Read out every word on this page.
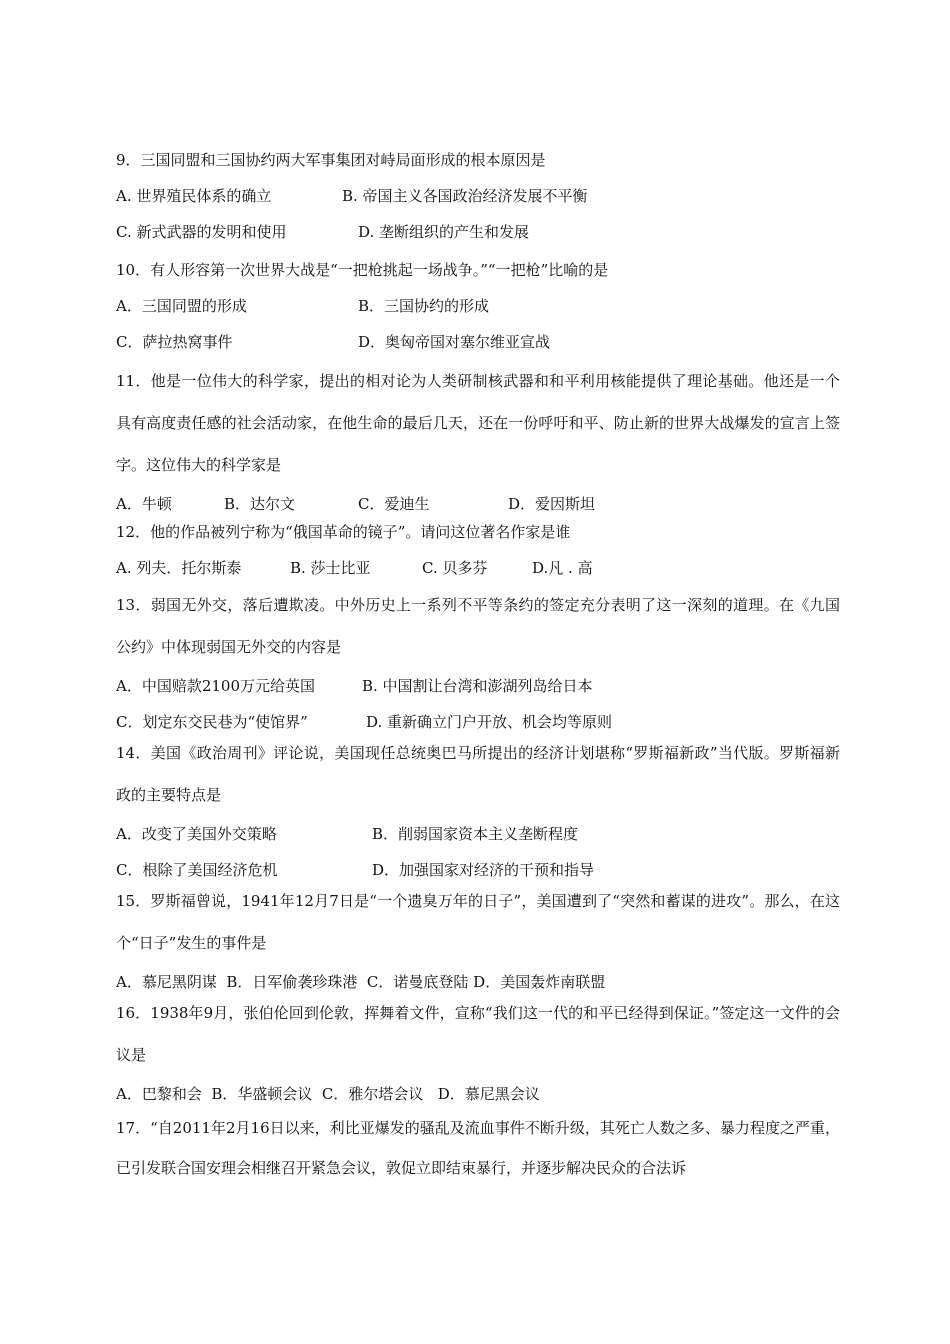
9．三国同盟和三国协约两大军事集团对峙局面形成的根本原因是

A. 世界殖民体系的确立

	B. 帝国主义各国政治经济发展不平衡

C. 新式武器的发明和使用

	D. 垄断组织的产生和发展

10．有人形容第一次世界大战是“一把枪挑起一场战争。”“一把枪”比喻的是

A．三国同盟的形成

	B．三国协约的形成

C．萨拉热窝事件

	D．奥匈帝国对塞尔维亚宣战

11．他是一位伟大的科学家，提出的相对论为人类研制核武器和和平利用核能提供了理论基础。他还是一个具有高度责任感的社会活动家，在他生命的最后几天，还在一份呼吁和平、防止新的世界大战爆发的宣言上签字。这位伟大的科学家是

A．牛顿

	B．达尔文

	C．爱迪生

	D．爱因斯坦

12．他的作品被列宁称为“俄国革命的镜子”。请问这位著名作家是谁

A. 列夫．托尔斯泰

	B. 莎士比亚

	C. 贝多芬

	D.凡 . 高

13．弱国无外交，落后遭欺凌。中外历史上一系列不平等条约的签定充分表明了这一深刻的道理。在《九国公约》中体现弱国无外交的内容是

A．中国赔款2100万元给英国

	B. 中国割让台湾和澎湖列岛给日本

C．划定东交民巷为“使馆界”

	D. 重新确立门户开放、机会均等原则

14．美国《政治周刊》评论说，美国现任总统奥巴马所提出的经济计划堪称“罗斯福新政”当代版。罗斯福新政的主要特点是

A．改变了美国外交策略

	B．削弱国家资本主义垄断程度

C．根除了美国经济危机

	D．加强国家对经济的干预和指导

15．罗斯福曾说，1941年12月7日是“一个遗臭万年的日子”，美国遭到了“突然和蓄谋的进攻”。那么，在这个“日子”发生的事件是

A．慕尼黑阴谋  B．日军偷袭珍珠港  C．诺曼底登陆 D．美国轰炸南联盟

16．1938年9月，张伯伦回到伦敦，挥舞着文件，宣称“我们这一代的和平已经得到保证。”签定这一文件的会议是

A．巴黎和会  B．华盛顿会议  C．雅尔塔会议   D．慕尼黑会议

17．“自2011年2月16日以来，利比亚爆发的骚乱及流血事件不断升级，其死亡人数之多、暴力程度之严重，已引发联合国安理会相继召开紧急会议，敦促立即结束暴行，并逐步解决民众的合法诉
